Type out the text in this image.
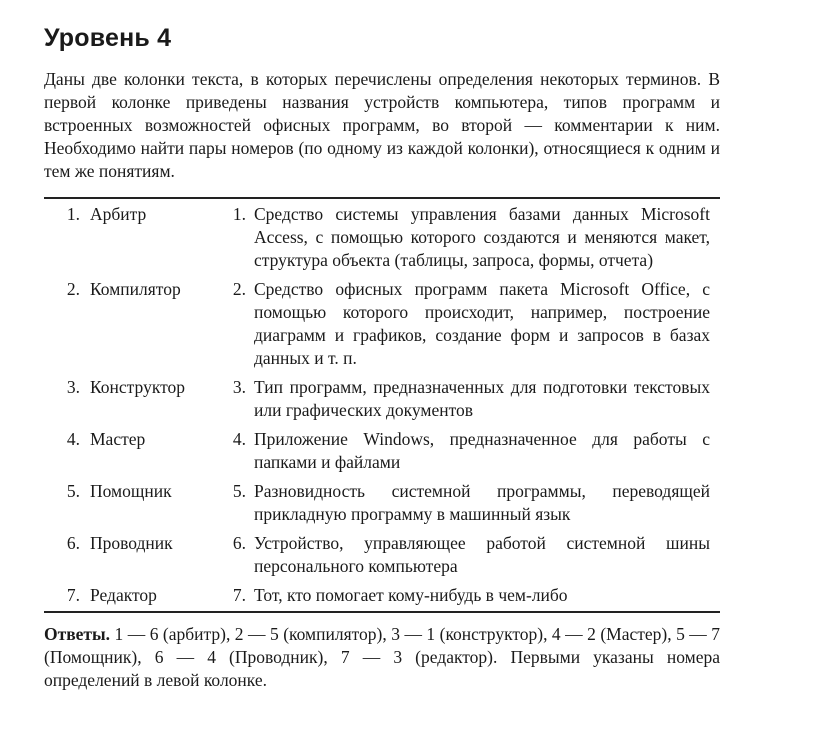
Уровень 4

Даны две колонки текста, в которых перечислены определения некоторых терминов. В первой колонке приведены названия устройств компьютера, типов программ и встроенных возможностей офисных программ, во второй — комментарии к ним. Необходимо найти пары номеров (по одному из каждой колонки), относящиеся к одним и тем же понятиям.

1.	Арбитр	1.	Средство системы управления базами данных Microsoft Access, с помощью которого создаются и меняются макет, структура объекта (таблицы, запроса, формы, отчета)
2.	Компилятор	2.	Средство офисных программ пакета Microsoft Office, с помощью которого происходит, например, построение диаграмм и графиков, создание форм и запросов в базах данных и т. п.
3.	Конструктор	3.	Тип программ, предназначенных для подготовки текстовых или графических документов
4.	Мастер	4.	Приложение Windows, предназначенное для работы с папками и файлами
5.	Помощник	5.	Разновидность системной программы, переводящей прикладную программу в машинный язык
6.	Проводник	6.	Устройство, управляющее работой системной шины персонального компьютера
7.	Редактор	7.	Тот, кто помогает кому-нибудь в чем-либо

Ответы. 1 — 6 (арбитр), 2 — 5 (компилятор), 3 — 1 (конструктор), 4 — 2 (Мастер), 5 — 7 (Помощник), 6 — 4 (Проводник), 7 — 3 (редактор). Первыми указаны номера определений в левой колонке.
